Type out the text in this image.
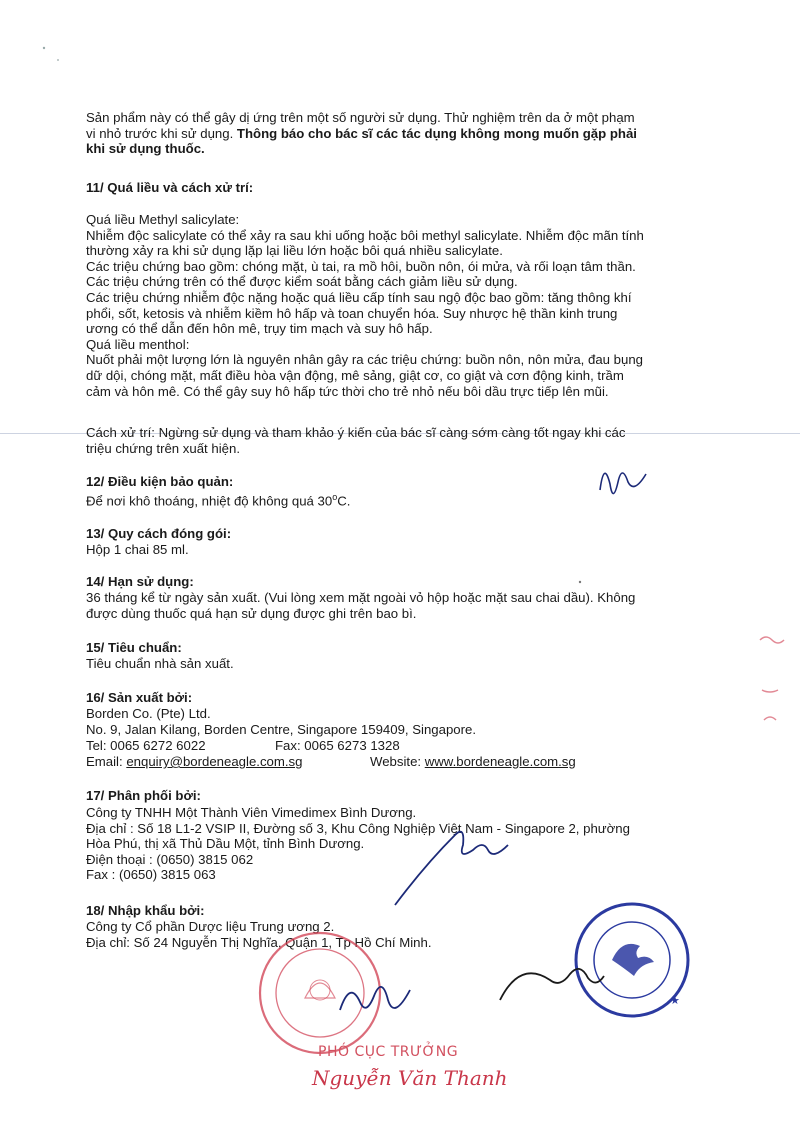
Sản phẩm này có thể gây dị ứng trên một số người sử dụng. Thử nghiệm trên da ở một phạm
vi nhỏ trước khi sử dụng. Thông báo cho bác sĩ các tác dụng không mong muốn gặp phải
khi sử dụng thuốc.
11/ Quá liều và cách xử trí:
Quá liều Methyl salicylate:
Nhiễm độc salicylate có thể xảy ra sau khi uống hoặc bôi methyl salicylate. Nhiễm độc mãn tính
thường xảy ra khi sử dụng lặp lại liều lớn hoặc bôi quá nhiều salicylate.
Các triệu chứng bao gồm: chóng mặt, ù tai, ra mồ hôi, buồn nôn, ói mửa, và rối loạn tâm thần.
Các triệu chứng trên có thể được kiểm soát bằng cách giảm liều sử dụng.
Các triệu chứng nhiễm độc nặng hoặc quá liều cấp tính sau ngộ độc bao gồm: tăng thông khí
phổi, sốt, ketosis và nhiễm kiềm hô hấp và toan chuyển hóa. Suy nhược hệ thần kinh trung
ương có thể dẫn đến hôn mê, trụy tim mạch và suy hô hấp.
Quá liều menthol:
Nuốt phải một lượng lớn là nguyên nhân gây ra các triệu chứng: buồn nôn, nôn mửa, đau bụng
dữ dội, chóng mặt, mất điều hòa vận động, mê sảng, giật cơ, co giật và cơn động kinh, trầm
cảm và hôn mê. Có thể gây suy hô hấp tức thời cho trẻ nhỏ nếu bôi dầu trực tiếp lên mũi.
Cách xử trí: Ngừng sử dụng và tham khảo ý kiến của bác sĩ càng sớm càng tốt ngay khi các
triệu chứng trên xuất hiện.
12/ Điều kiện bảo quản:
Để nơi khô thoáng, nhiệt độ không quá 30$^o$C.
13/ Quy cách đóng gói:
Hộp 1 chai 85 ml.
14/ Hạn sử dụng:
36 tháng kể từ ngày sản xuất. (Vui lòng xem mặt ngoài vỏ hộp hoặc mặt sau chai dầu). Không
được dùng thuốc quá hạn sử dụng được ghi trên bao bì.
15/ Tiêu chuẩn:
Tiêu chuẩn nhà sản xuất.
16/ Sản xuất bởi:
Borden Co. (Pte) Ltd.
No. 9, Jalan Kilang, Borden Centre, Singapore 159409, Singapore.
Tel: 0065 6272 6022	Fax: 0065 6273 1328
Email: enquiry@bordeneagle.com.sg	Website: www.bordeneagle.com.sg
17/ Phân phối bởi:
Công ty TNHH Một Thành Viên Vimedimex Bình Dương.
Địa chỉ : Số 18 L1-2 VSIP II, Đường số 3, Khu Công Nghiệp Việt Nam - Singapore 2, phường
Hòa Phú, thị xã Thủ Dầu Một, tỉnh Bình Dương.
Điện thoại : (0650) 3815 062
Fax : (0650) 3815 063
18/ Nhập khẩu bởi:
Công ty Cổ phần Dược liệu Trung ương 2.
Địa chỉ: Số 24 Nguyễn Thị Nghĩa, Quận 1, Tp Hồ Chí Minh.
★
PHÓ CỤC TRƯỞNG
Nguyễn Văn Thanh
